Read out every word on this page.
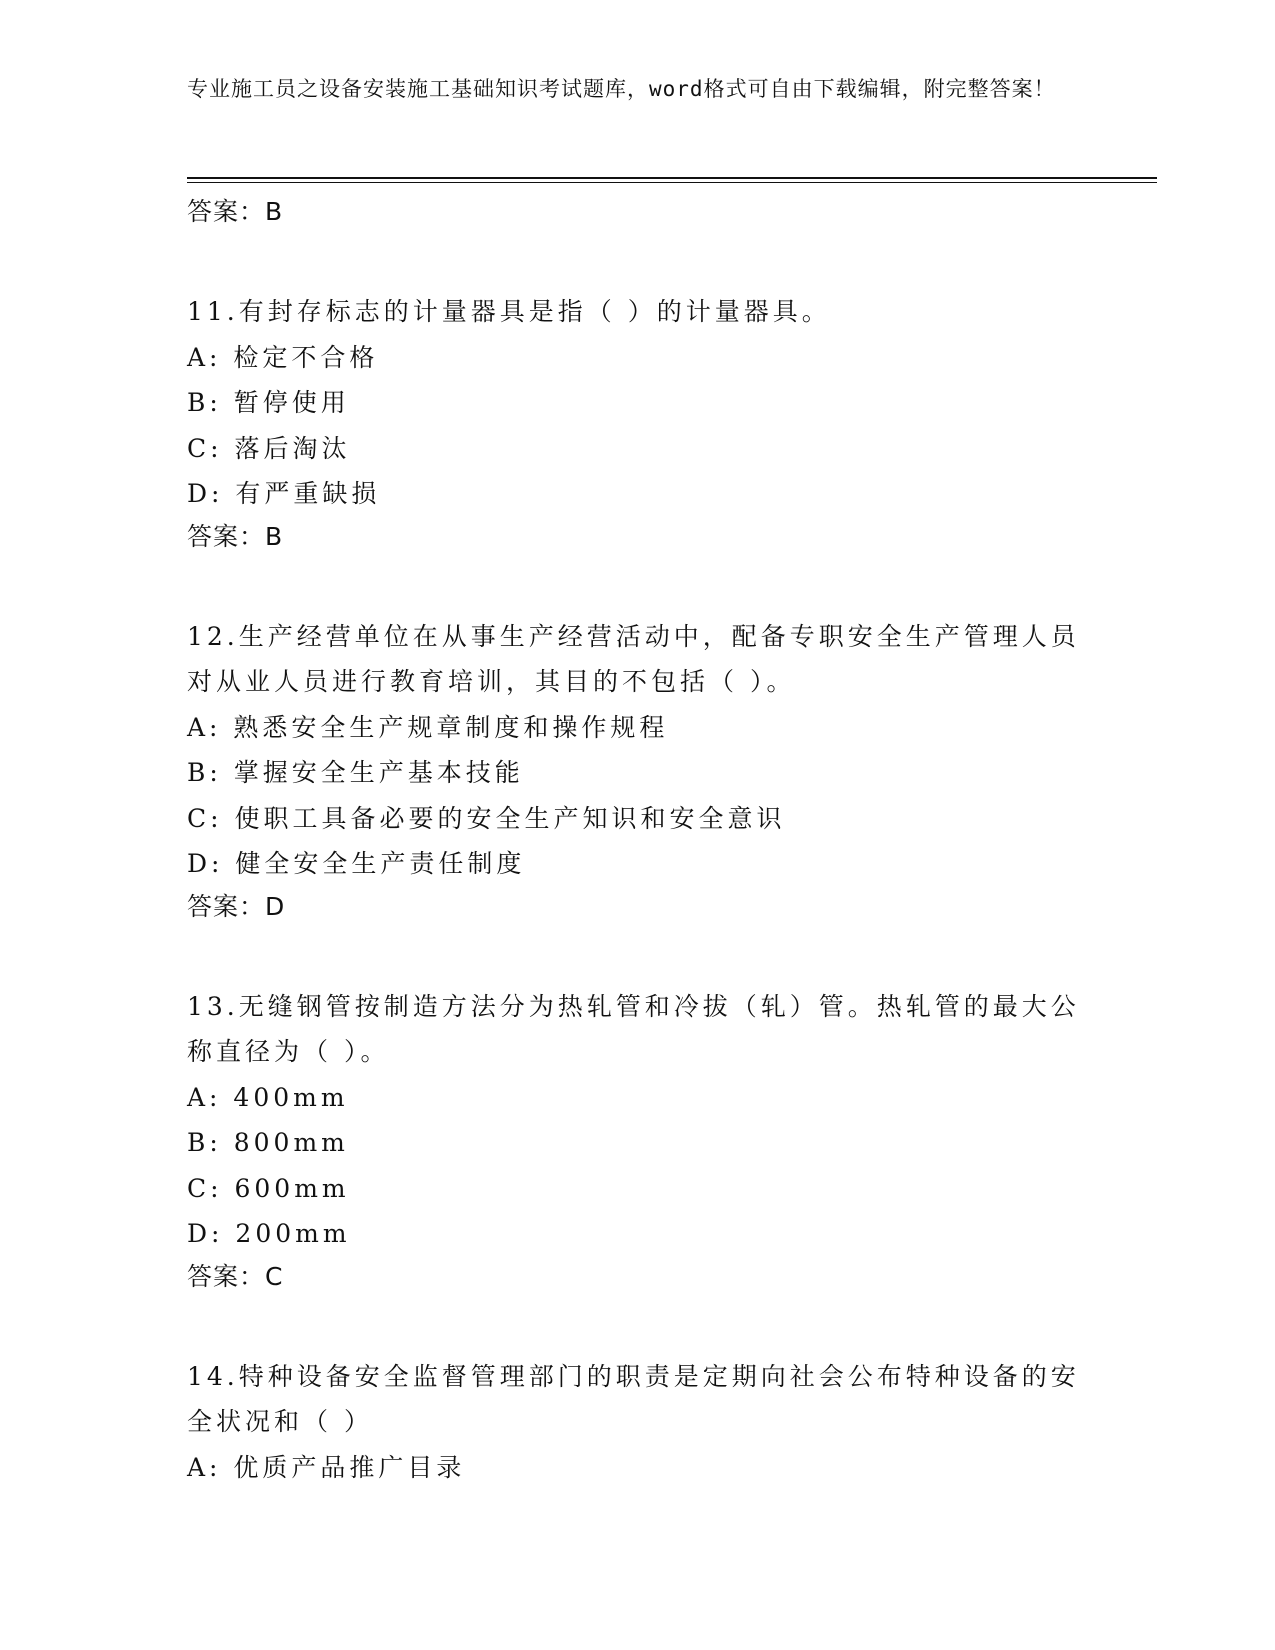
专业施工员之设备安装施工基础知识考试题库，word格式可自由下载编辑，附完整答案！
答案：B
11.有封存标志的计量器具是指（ ）的计量器具。
A: 检定不合格
B: 暂停使用
C: 落后淘汰
D: 有严重缺损
答案：B
12.生产经营单位在从事生产经营活动中，配备专职安全生产管理人员对从业人员进行教育培训，其目的不包括（ ）。
A: 熟悉安全生产规章制度和操作规程
B: 掌握安全生产基本技能
C: 使职工具备必要的安全生产知识和安全意识
D: 健全安全生产责任制度
答案：D
13.无缝钢管按制造方法分为热轧管和冷拔（轧）管。热轧管的最大公称直径为（ ）。
A: 400mm
B: 800mm
C: 600mm
D: 200mm
答案：C
14.特种设备安全监督管理部门的职责是定期向社会公布特种设备的安全状况和（ ）
A: 优质产品推广目录
